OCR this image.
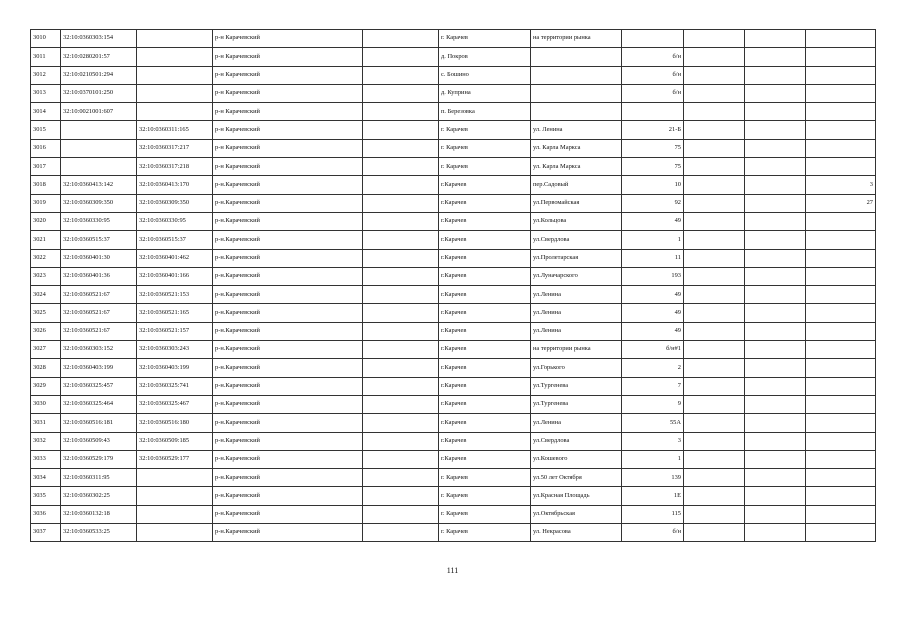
3010	32:10:0360303:154		р-н Карачевский		г. Карачев	на территории рынка				
3011	32:10:0280201:57		р-н Карачевский		д. Покров		б/н			
3012	32:10:0210501:294		р-н Карачевский		с. Бошино		б/н			
3013	32:10:0370101:250		р-н Карачевский		д. Куприна		б/н			
3014	32:10:0021001:607		р-н Карачевский		п. Березовка					
3015		32:10:0360311:165	р-н Карачевский		г. Карачев	ул. Ленина	21-Б			
3016		32:10:0360317:217	р-н Карачевский		г. Карачев	ул. Карла Маркса	75			
3017		32:10:0360317:218	р-н Карачевский		г. Карачев	ул. Карла Маркса	75			
3018	32:10:0360413:142	32:10:0360413:170	р-н.Карачевский		г.Карачев	пер.Садовый	10			3
3019	32:10:0360309:350	32:10:0360309:350	р-н.Карачевский		г.Карачев	ул.Первомайская	92			27
3020	32:10:0360330:95	32:10:0360330:95	р-н.Карачевский		г.Карачев	ул.Кольцова	49			
3021	32:10:0360515:37	32:10:0360515:37	р-н.Карачевский		г.Карачев	ул.Свердлова	1			
3022	32:10:0360401:30	32:10:0360401:462	р-н.Карачевский		г.Карачев	ул.Пролетарская	11			
3023	32:10:0360401:36	32:10:0360401:166	р-н.Карачевский		г.Карачев	ул.Луначарского	193			
3024	32:10:0360521:67	32:10:0360521:153	р-н.Карачевский		г.Карачев	ул.Ленина	49			
3025	32:10:0360521:67	32:10:0360521:165	р-н.Карачевский		г.Карачев	ул.Ленина	49			
3026	32:10:0360521:67	32:10:0360521:157	р-н.Карачевский		г.Карачев	ул.Ленина	49			
3027	32:10:0360303:152	32:10:0360303:243	р-н.Карачевский		г.Карачев	на территории рынка	б/н#1			
3028	32:10:0360403:199	32:10:0360403:199	р-н.Карачевский		г.Карачев	ул.Горького	2			
3029	32:10:0360325:457	32:10:0360325:741	р-н.Карачевский		г.Карачев	ул.Тургенева	7			
3030	32:10:0360325:464	32:10:0360325:467	р-н.Карачевский		г.Карачев	ул.Тургенева	9			
3031	32:10:0360516:181	32:10:0360516:180	р-н.Карачевский		г.Карачев	ул.Ленина	55А			
3032	32:10:0360509:43	32:10:0360509:185	р-н.Карачевский		г.Карачев	ул.Свердлова	3			
3033	32:10:0360529:179	32:10:0360529:177	р-н.Карачевский		г.Карачев	ул.Кошевого	1			
3034	32:10:0360311:95		р-н.Карачевский		г. Карачев	ул.50 лет Октября	139			
3035	32:10:0360302:25		р-н.Карачевский		г. Карачев	ул.Красная Площадь	1Е			
3036	32:10:0360132:18		р-н.Карачевский		г. Карачев	ул.Октябрьская	115			
3037	32:10:0360533:25		р-н.Карачевский		г. Карачев	ул. Некрасова	б/н			
111
